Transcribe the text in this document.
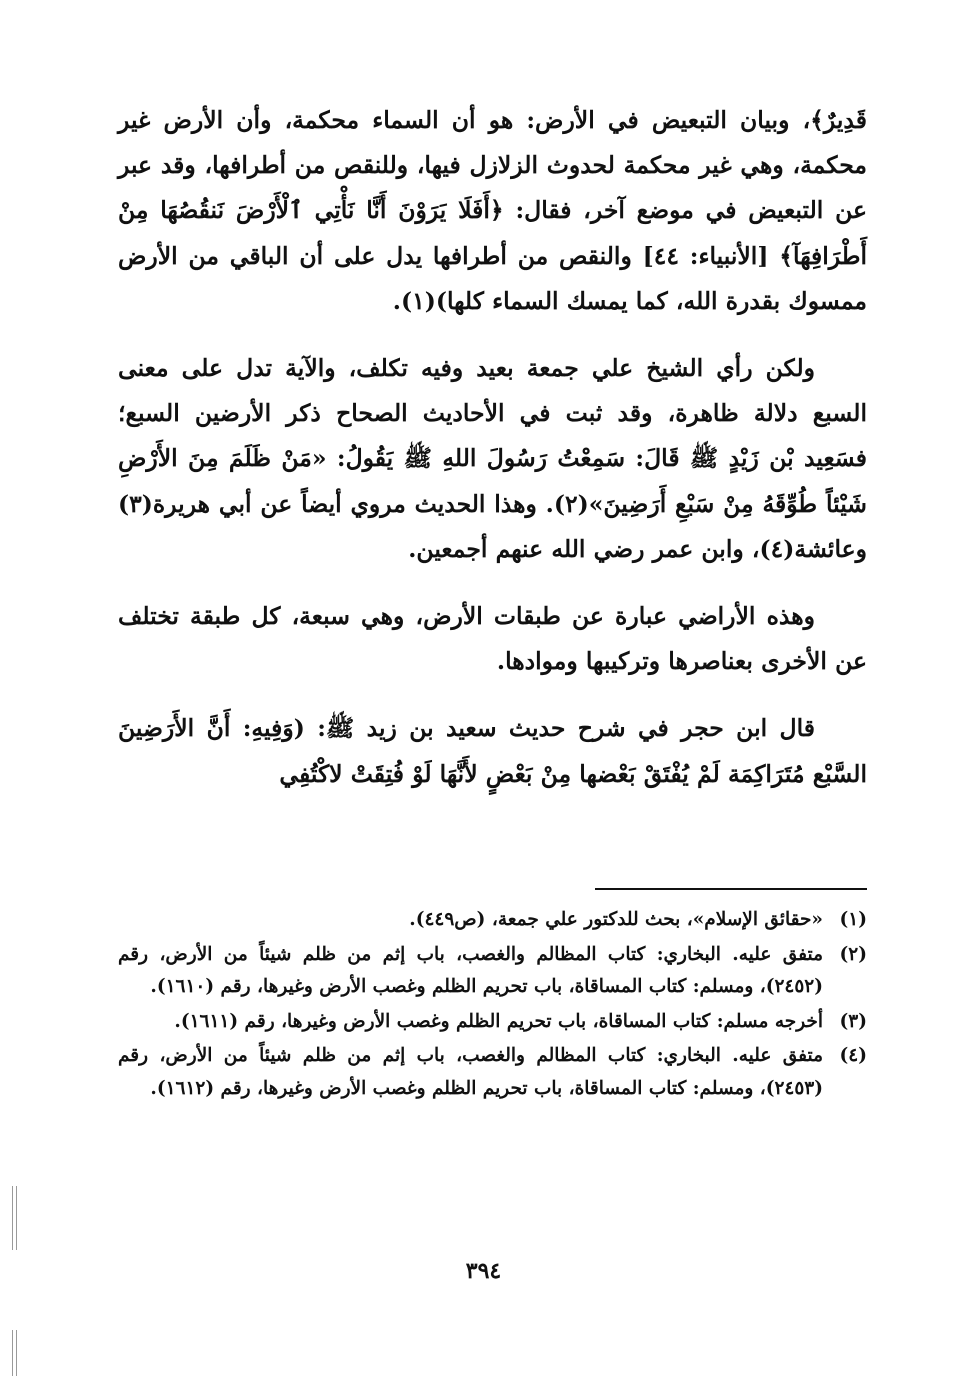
قَدِيرٌ﴾، وبيان التبعيض في الأرض: هو أن السماء محكمة، وأن الأرض غير محكمة، وهي غير محكمة لحدوث الزلازل فيها، وللنقص من أطرافها، وقد عبر عن التبعيض في موضع آخر، فقال: ﴿أَفَلَا يَرَوْنَ أَنَّا نَأْتِي ٱلْأَرْضَ نَنقُصُهَا مِنْ أَطْرَافِهَآ﴾ [الأنبياء: ٤٤] والنقص من أطرافها يدل على أن الباقي من الأرض ممسوك بقدرة الله، كما يمسك السماء كلها)(١).

ولكن رأي الشيخ علي جمعة بعيد وفيه تكلف، والآية تدل على معنى السبع دلالة ظاهرة، وقد ثبت في الأحاديث الصحاح ذكر الأرضين السبع؛ فسَعِيد بْن زَيْدٍ ﷺ قَالَ: سَمِعْتُ رَسُولَ اللهِ ﷺ يَقُولُ: «مَنْ ظَلَمَ مِنَ الأَرْضِ شَيْئاً طُوِّقَهُ مِنْ سَبْعِ أَرَضِينَ»(٢). وهذا الحديث مروي أيضاً عن أبي هريرة(٣) وعائشة(٤)، وابن عمر رضي الله عنهم أجمعين.

وهذه الأراضي عبارة عن طبقات الأرض، وهي سبعة، كل طبقة تختلف عن الأخرى بعناصرها وتركيبها وموادها.

قال ابن حجر في شرح حديث سعيد بن زيد ﷺ: (وَفِيهِ: أَنَّ الأَرَضِينَ السَّبْع مُتَرَاكِمَة لَمْ يُفْتَقْ بَعْضها مِنْ بَعْضٍ لأَنَّهَا لَوْ فُتِقَتْ لاكْتُفِي

(١)
«حقائق الإسلام»، بحث للدكتور علي جمعة، (ص٤٤٩).
(٢)
متفق عليه. البخاري: كتاب المظالم والغصب، باب إثم من ظلم شيئاً من الأرض، رقم (٢٤٥٢)، ومسلم: كتاب المساقاة، باب تحريم الظلم وغصب الأرض وغيرها، رقم (١٦١٠).
(٣)
أخرجه مسلم: كتاب المساقاة، باب تحريم الظلم وغصب الأرض وغيرها، رقم (١٦١١).
(٤)
متفق عليه. البخاري: كتاب المظالم والغصب، باب إثم من ظلم شيئاً من الأرض، رقم (٢٤٥٣)، ومسلم: كتاب المساقاة، باب تحريم الظلم وغصب الأرض وغيرها، رقم (١٦١٢).
٣٩٤
